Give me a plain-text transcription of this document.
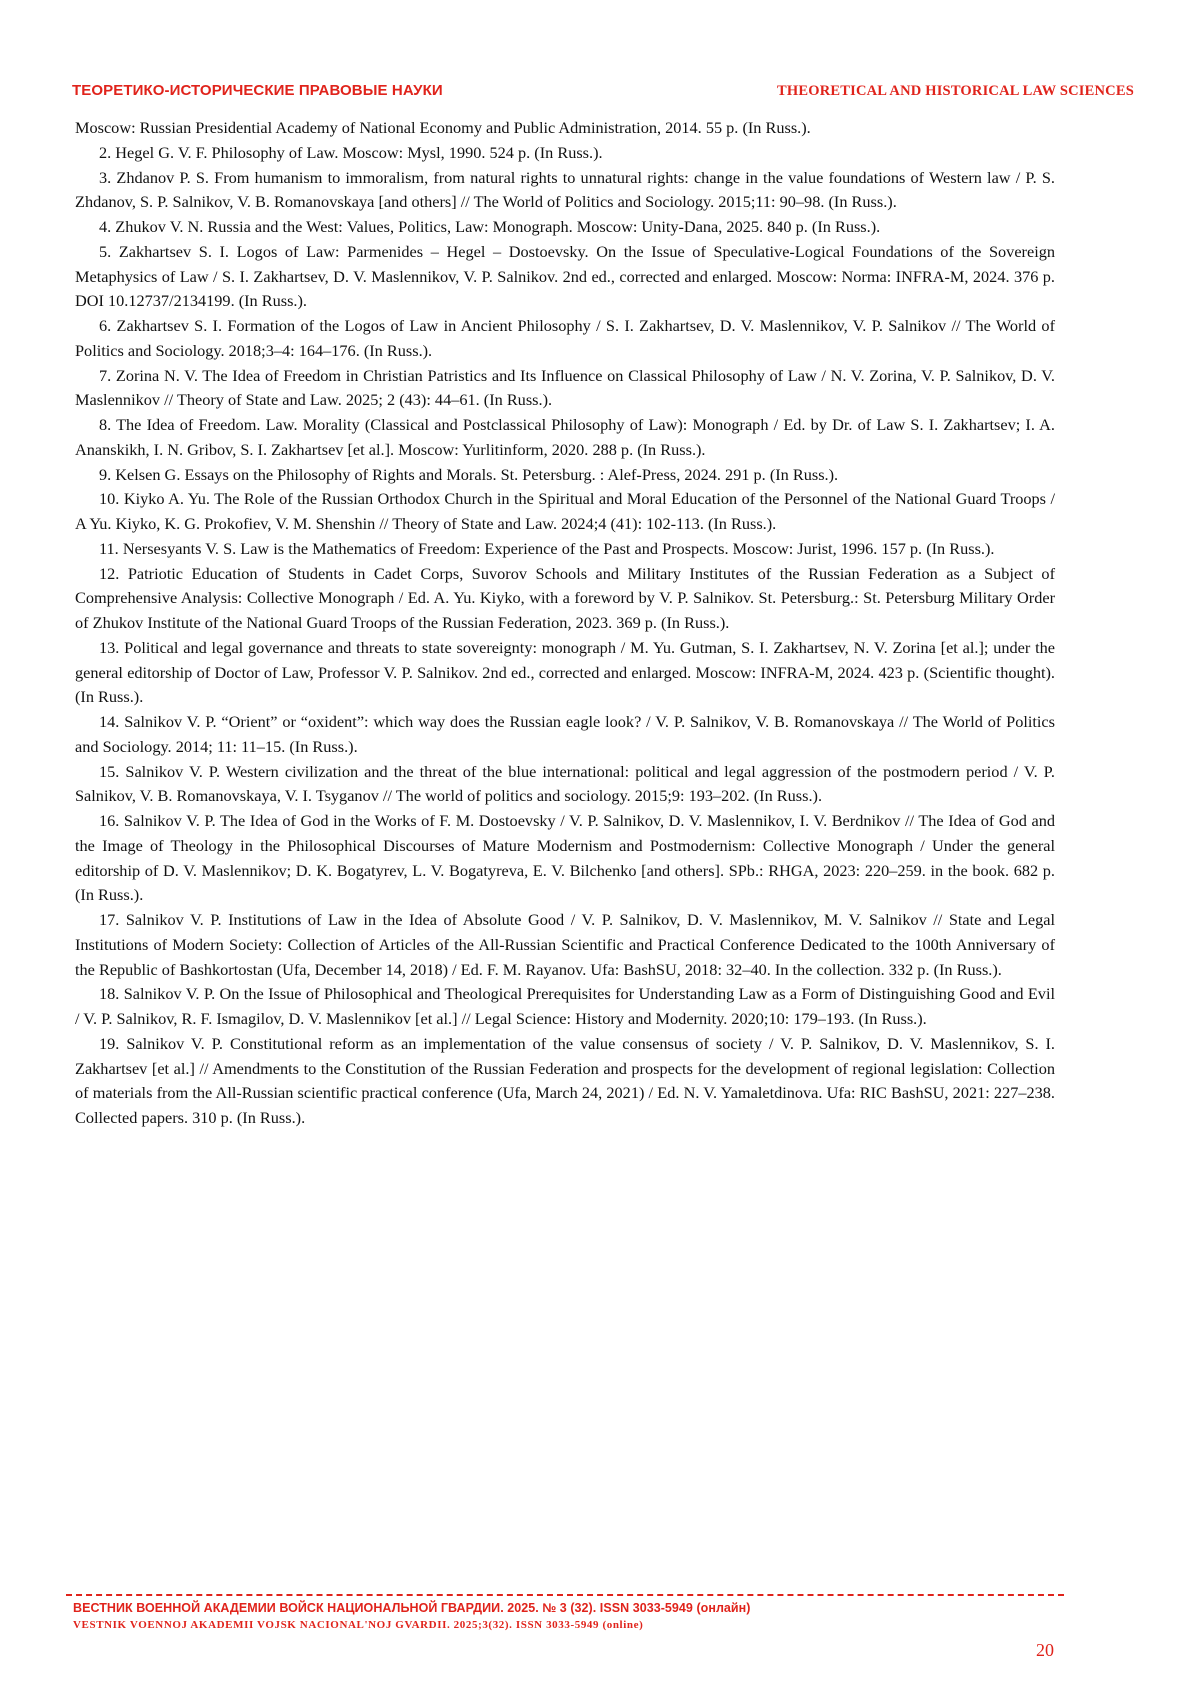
ТЕОРЕТИКО-ИСТОРИЧЕСКИЕ ПРАВОВЫЕ НАУКИ	THEORETICAL AND HISTORICAL LAW SCIENCES

Moscow: Russian Presidential Academy of National Economy and Public Administration, 2014. 55 p. (In Russ.).

2. Hegel G. V. F. Philosophy of Law. Moscow: Mysl, 1990. 524 p. (In Russ.).

3. Zhdanov P. S. From humanism to immoralism, from natural rights to unnatural rights: change in the value foundations of Western law / P. S. Zhdanov, S. P. Salnikov, V. B. Romanovskaya [and others] // The World of Politics and Sociology. 2015;11: 90–98. (In Russ.).

4. Zhukov V. N. Russia and the West: Values, Politics, Law: Monograph. Moscow: Unity-Dana, 2025. 840 p. (In Russ.).

5. Zakhartsev S. I. Logos of Law: Parmenides – Hegel – Dostoevsky. On the Issue of Speculative-Logical Foundations of the Sovereign Metaphysics of Law / S. I. Zakhartsev, D. V. Maslennikov, V. P. Salnikov. 2nd ed., corrected and enlarged. Moscow: Norma: INFRA-M, 2024. 376 p. DOI 10.12737/2134199. (In Russ.).

6. Zakhartsev S. I. Formation of the Logos of Law in Ancient Philosophy / S. I. Zakhartsev, D. V. Maslennikov, V. P. Salnikov // The World of Politics and Sociology. 2018;3–4: 164–176. (In Russ.).

7. Zorina N. V. The Idea of Freedom in Christian Patristics and Its Influence on Classical Philosophy of Law / N. V. Zorina, V. P. Salnikov, D. V. Maslennikov // Theory of State and Law. 2025; 2 (43): 44–61. (In Russ.).

8. The Idea of Freedom. Law. Morality (Classical and Postclassical Philosophy of Law): Monograph / Ed. by Dr. of Law S. I. Zakhartsev; I. A. Ananskikh, I. N. Gribov, S. I. Zakhartsev [et al.]. Moscow: Yurlitinform, 2020. 288 p. (In Russ.).

9. Kelsen G. Essays on the Philosophy of Rights and Morals. St. Petersburg. : Alef-Press, 2024. 291 p. (In Russ.).

10. Kiyko A. Yu. The Role of the Russian Orthodox Church in the Spiritual and Moral Education of the Personnel of the National Guard Troops / A Yu. Kiyko, K. G. Prokofiev, V. M. Shenshin // Theory of State and Law. 2024;4 (41): 102-113. (In Russ.).

11. Nersesyants V. S. Law is the Mathematics of Freedom: Experience of the Past and Prospects. Moscow: Jurist, 1996. 157 p. (In Russ.).

12. Patriotic Education of Students in Cadet Corps, Suvorov Schools and Military Institutes of the Russian Federation as a Subject of Comprehensive Analysis: Collective Monograph / Ed. A. Yu. Kiyko, with a foreword by V. P. Salnikov. St. Petersburg.: St. Petersburg Military Order of Zhukov Institute of the National Guard Troops of the Russian Federation, 2023. 369 p. (In Russ.).

13. Political and legal governance and threats to state sovereignty: monograph / M. Yu. Gutman, S. I. Zakhartsev, N. V. Zorina [et al.]; under the general editorship of Doctor of Law, Professor V. P. Salnikov. 2nd ed., corrected and enlarged. Moscow: INFRA-M, 2024. 423 p. (Scientific thought). (In Russ.).

14. Salnikov V. P. “Orient” or “oxident”: which way does the Russian eagle look? / V. P. Salnikov, V. B. Romanovskaya // The World of Politics and Sociology. 2014; 11: 11–15. (In Russ.).

15. Salnikov V. P. Western civilization and the threat of the blue international: political and legal aggression of the postmodern period / V. P. Salnikov, V. B. Romanovskaya, V. I. Tsyganov // The world of politics and sociology. 2015;9: 193–202. (In Russ.).

16. Salnikov V. P. The Idea of God in the Works of F. M. Dostoevsky / V. P. Salnikov, D. V. Maslennikov, I. V. Berdnikov // The Idea of God and the Image of Theology in the Philosophical Discourses of Mature Modernism and Postmodernism: Collective Monograph / Under the general editorship of D. V. Maslennikov; D. K. Bogatyrev, L. V. Bogatyreva, E. V. Bilchenko [and others]. SPb.: RHGA, 2023: 220–259. in the book. 682 p. (In Russ.).

17. Salnikov V. P. Institutions of Law in the Idea of Absolute Good / V. P. Salnikov, D. V. Maslennikov, M. V. Salnikov // State and Legal Institutions of Modern Society: Collection of Articles of the All-Russian Scientific and Practical Conference Dedicated to the 100th Anniversary of the Republic of Bashkortostan (Ufa, December 14, 2018) / Ed. F. M. Rayanov. Ufa: BashSU, 2018: 32–40. In the collection. 332 p. (In Russ.).

18. Salnikov V. P. On the Issue of Philosophical and Theological Prerequisites for Understanding Law as a Form of Distinguishing Good and Evil / V. P. Salnikov, R. F. Ismagilov, D. V. Maslennikov [et al.] // Legal Science: History and Modernity. 2020;10: 179–193. (In Russ.).

19. Salnikov V. P. Constitutional reform as an implementation of the value consensus of society / V. P. Salnikov, D. V. Maslennikov, S. I. Zakhartsev [et al.] // Amendments to the Constitution of the Russian Federation and prospects for the development of regional legislation: Collection of materials from the All-Russian scientific practical conference (Ufa, March 24, 2021) / Ed. N. V. Yamaletdinova. Ufa: RIC BashSU, 2021: 227–238. Collected papers. 310 p. (In Russ.).

ВЕСТНИК ВОЕННОЙ АКАДЕМИИ ВОЙСК НАЦИОНАЛЬНОЙ ГВАРДИИ. 2025. № 3 (32). ISSN 3033-5949 (онлайн)
VESTNIK VOENNOJ AKADEMII VOJSK NACIONAL'NOJ GVARDII. 2025;3(32). ISSN 3033-5949 (online)
20
